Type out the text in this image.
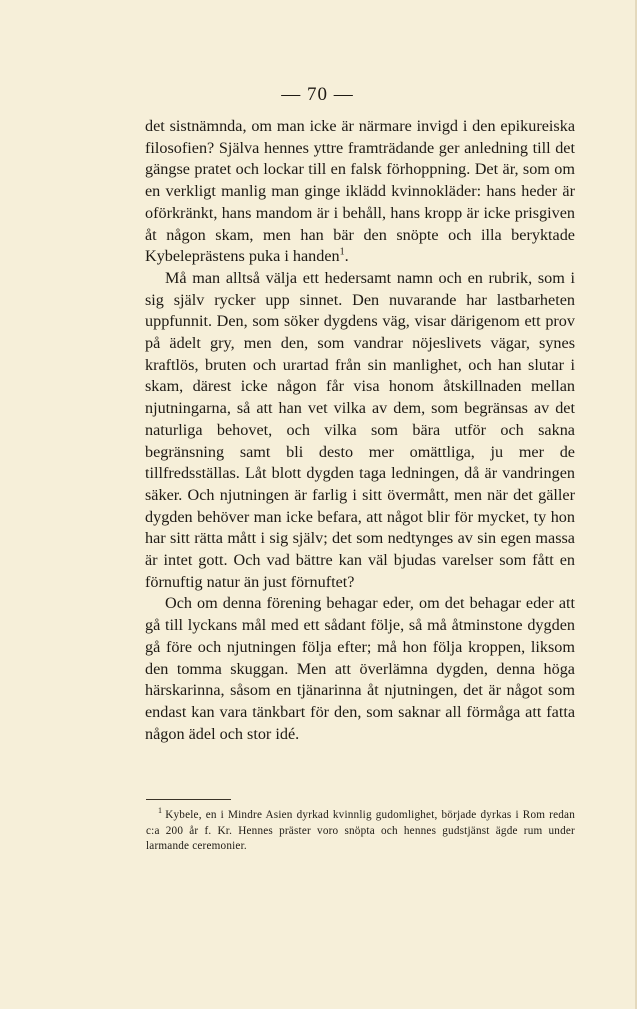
— 70 —

det sistnämnda, om man icke är närmare invigd i den epikureiska filosofien? Själva hennes yttre framträdande ger anledning till det gängse pratet och lockar till en falsk förhoppning. Det är, som om en verkligt manlig man ginge iklädd kvinnokläder: hans heder är oförkränkt, hans mandom är i behåll, hans kropp är icke prisgiven åt någon skam, men han bär den snöpte och illa beryktade Kybeleprästens puka i handen$^1$.

Må man alltså välja ett hedersamt namn och en rubrik, som i sig själv rycker upp sinnet. Den nuvarande har lastbarheten uppfunnit. Den, som söker dygdens väg, visar därigenom ett prov på ädelt gry, men den, som vandrar nöjeslivets vägar, synes kraftlös, bruten och urartad från sin manlighet, och han slutar i skam, därest icke någon får visa honom åtskillnaden mellan njutningarna, så att han vet vilka av dem, som begränsas av det naturliga behovet, och vilka som bära utför och sakna begränsning samt bli desto mer omättliga, ju mer de tillfredsställas. Låt blott dygden taga ledningen, då är vandringen säker. Och njutningen är farlig i sitt övermått, men när det gäller dygden behöver man icke befara, att något blir för mycket, ty hon har sitt rätta mått i sig själv; det som nedtynges av sin egen massa är intet gott. Och vad bättre kan väl bjudas varelser som fått en förnuftig natur än just förnuftet?

Och om denna förening behagar eder, om det behagar eder att gå till lyckans mål med ett sådant följe, så må åtminstone dygden gå före och njutningen följa efter; må hon följa kroppen, liksom den tomma skuggan. Men att överlämna dygden, denna höga härskarinna, såsom en tjänarinna åt njutningen, det är något som endast kan vara tänkbart för den, som saknar all förmåga att fatta någon ädel och stor idé.

$^1$ Kybele, en i Mindre Asien dyrkad kvinnlig gudomlighet, började dyrkas i Rom redan c:a 200 år f. Kr. Hennes präster voro snöpta och hennes gudstjänst ägde rum under larmande ceremonier.
